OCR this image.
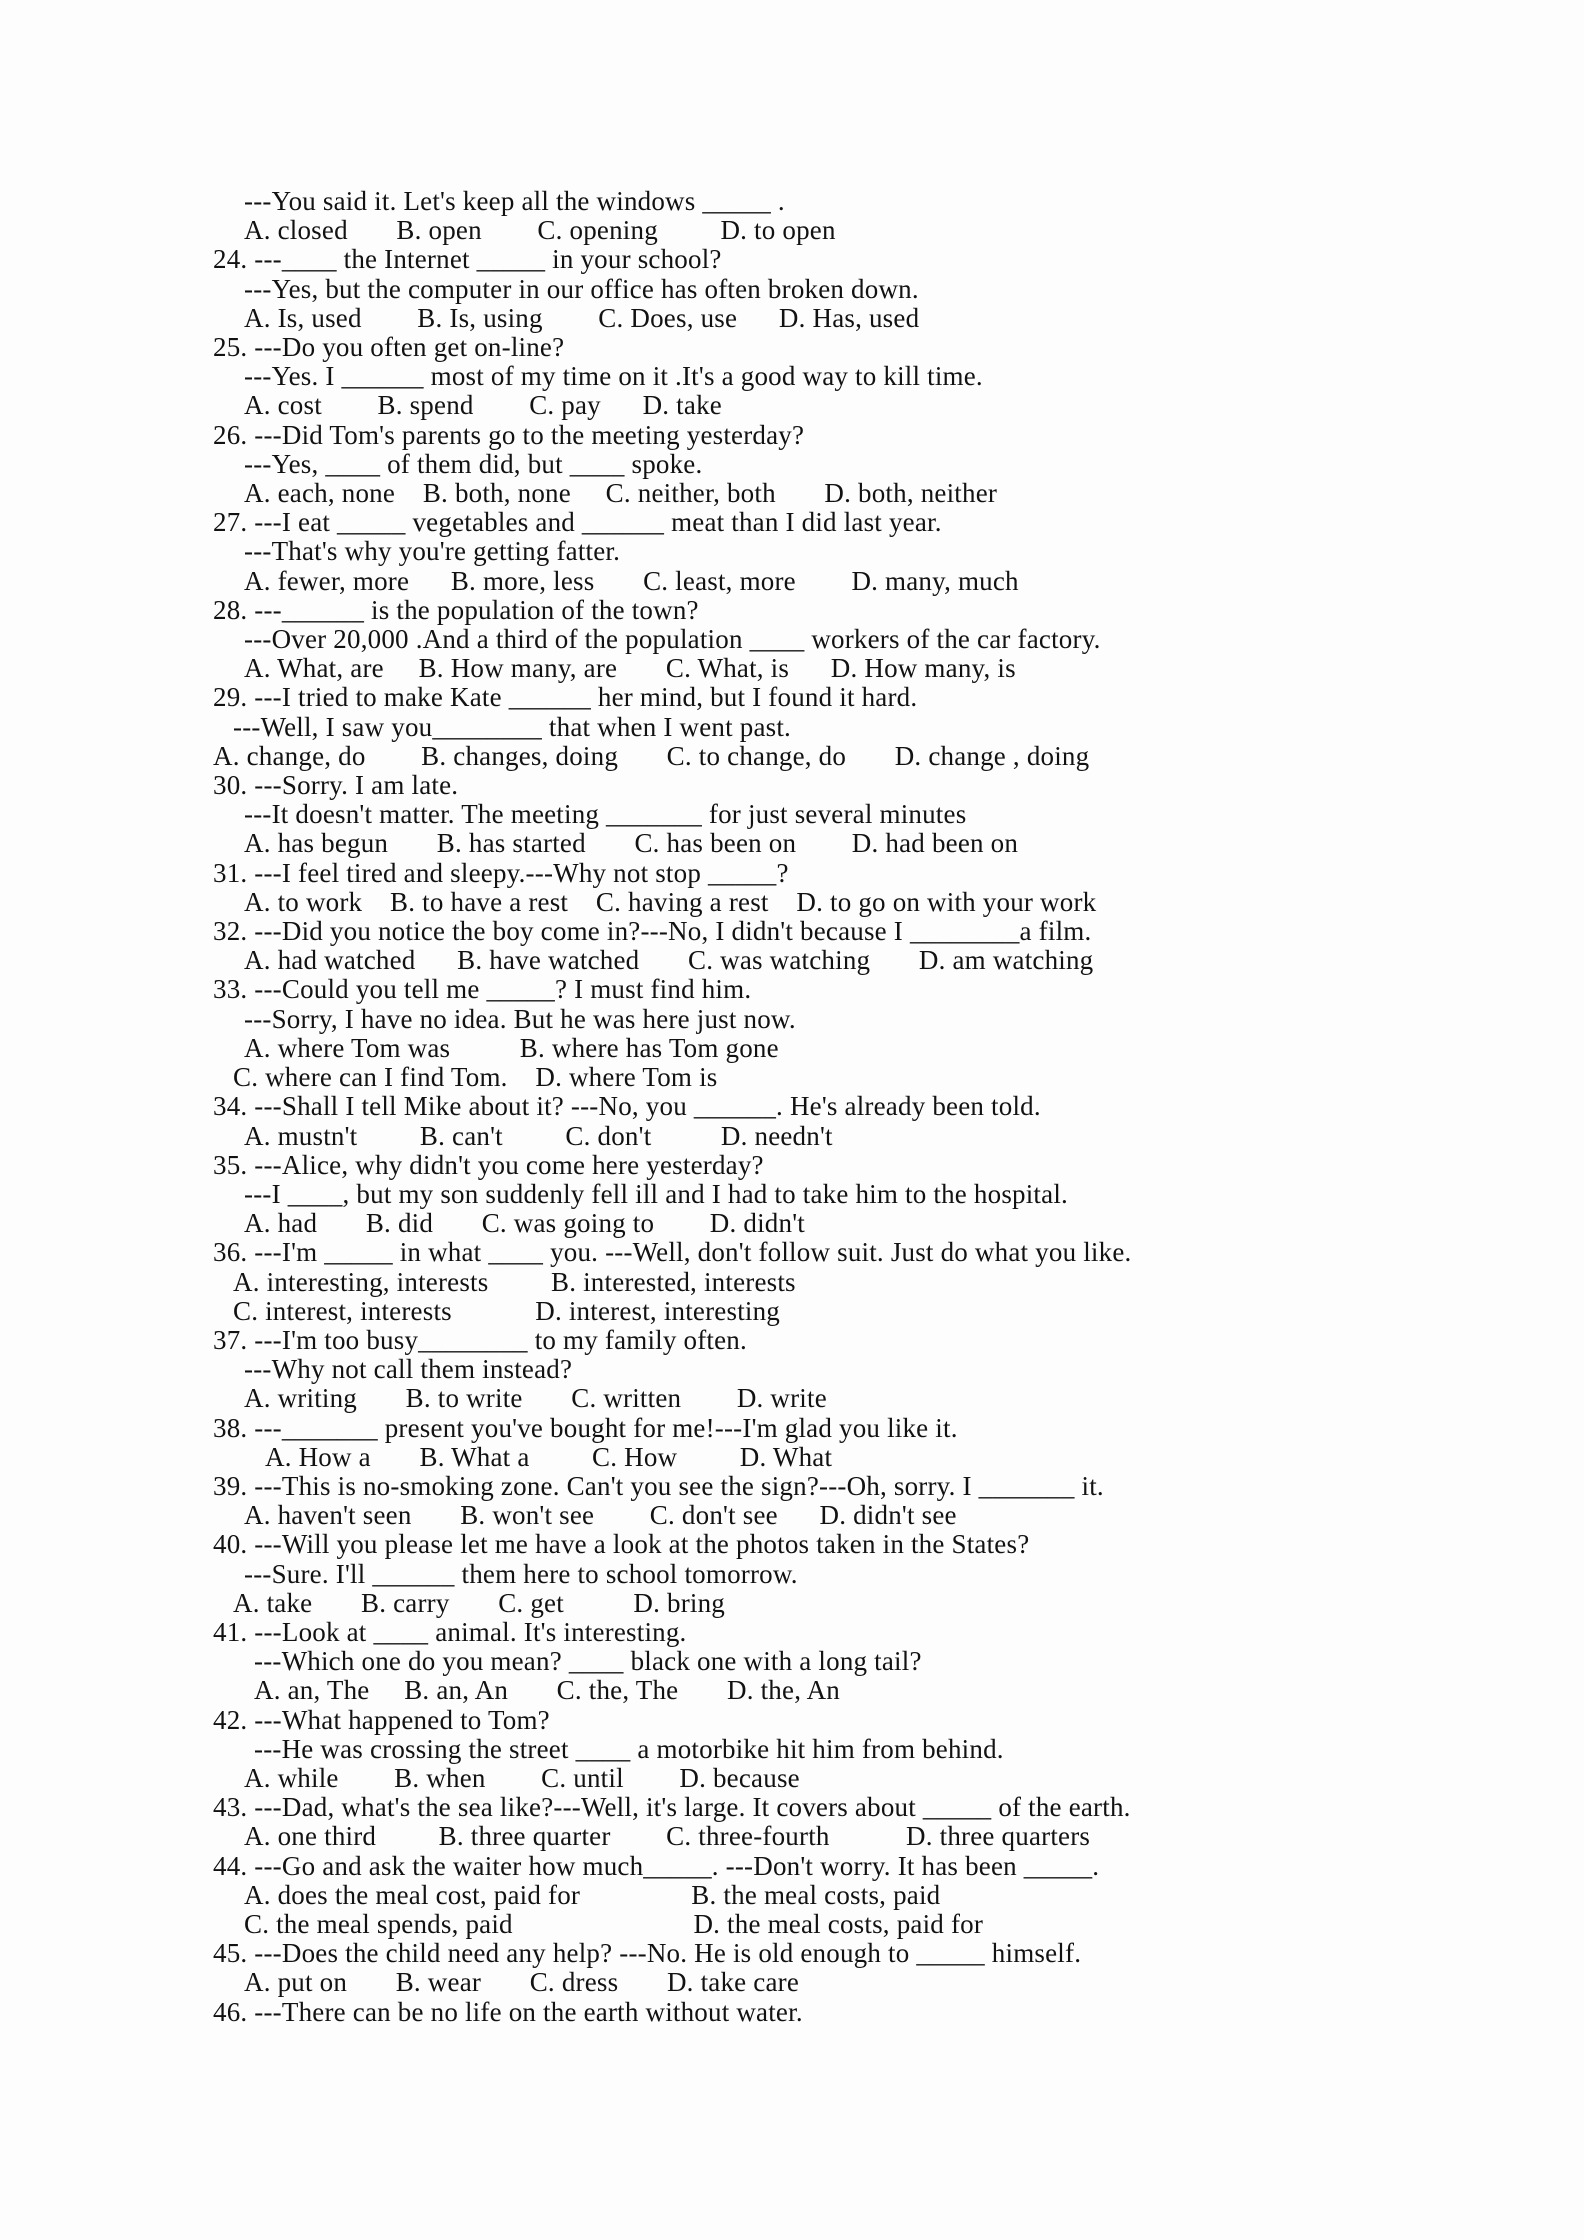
---You said it. Let's keep all the windows _____ .
A. closed       B. open        C. opening         D. to open
24. ---____ the Internet _____ in your school?
---Yes, but the computer in our office has often broken down.
A. Is, used        B. Is, using        C. Does, use      D. Has, used
25. ---Do you often get on-line?
---Yes. I ______ most of my time on it .It's a good way to kill time.
A. cost        B. spend        C. pay      D. take
26. ---Did Tom's parents go to the meeting yesterday?
---Yes, ____ of them did, but ____ spoke.
A. each, none    B. both, none     C. neither, both       D. both, neither
27. ---I eat _____ vegetables and ______ meat than I did last year.
---That's why you're getting fatter.
A. fewer, more      B. more, less       C. least, more        D. many, much
28. ---______ is the population of the town?
---Over 20,000 .And a third of the population ____ workers of the car factory.
A. What, are     B. How many, are       C. What, is      D. How many, is
29. ---I tried to make Kate ______ her mind, but I found it hard.
---Well, I saw you________ that when I went past.
A. change, do        B. changes, doing       C. to change, do       D. change , doing
30. ---Sorry. I am late.
---It doesn't matter. The meeting _______ for just several minutes
A. has begun       B. has started       C. has been on        D. had been on
31. ---I feel tired and sleepy.---Why not stop _____?
A. to work    B. to have a rest    C. having a rest    D. to go on with your work
32. ---Did you notice the boy come in?---No, I didn't because I ________a film.
A. had watched      B. have watched       C. was watching       D. am watching
33. ---Could you tell me _____? I must find him.
---Sorry, I have no idea. But he was here just now.
A. where Tom was          B. where has Tom gone
C. where can I find Tom.    D. where Tom is
34. ---Shall I tell Mike about it? ---No, you ______. He's already been told.
A. mustn't         B. can't         C. don't          D. needn't
35. ---Alice, why didn't you come here yesterday?
---I ____, but my son suddenly fell ill and I had to take him to the hospital.
A. had       B. did       C. was going to        D. didn't
36. ---I'm _____ in what ____ you. ---Well, don't follow suit. Just do what you like.
A. interesting, interests         B. interested, interests
C. interest, interests            D. interest, interesting
37. ---I'm too busy________ to my family often.
---Why not call them instead?
A. writing       B. to write       C. written        D. write
38. ---_______ present you've bought for me!---I'm glad you like it.
A. How a       B. What a         C. How         D. What
39. ---This is no-smoking zone. Can't you see the sign?---Oh, sorry. I _______ it.
A. haven't seen       B. won't see        C. don't see      D. didn't see
40. ---Will you please let me have a look at the photos taken in the States?
---Sure. I'll ______ them here to school tomorrow.
A. take       B. carry       C. get          D. bring
41. ---Look at ____ animal. It's interesting.
---Which one do you mean? ____ black one with a long tail?
A. an, The     B. an, An       C. the, The       D. the, An
42. ---What happened to Tom?
---He was crossing the street ____ a motorbike hit him from behind.
A. while        B. when        C. until        D. because
43. ---Dad, what's the sea like?---Well, it's large. It covers about _____ of the earth.
A. one third         B. three quarter        C. three-fourth           D. three quarters
44. ---Go and ask the waiter how much_____. ---Don't worry. It has been _____.
A. does the meal cost, paid for                B. the meal costs, paid
C. the meal spends, paid                          D. the meal costs, paid for
45. ---Does the child need any help? ---No. He is old enough to _____ himself.
A. put on       B. wear       C. dress       D. take care
46. ---There can be no life on the earth without water.
